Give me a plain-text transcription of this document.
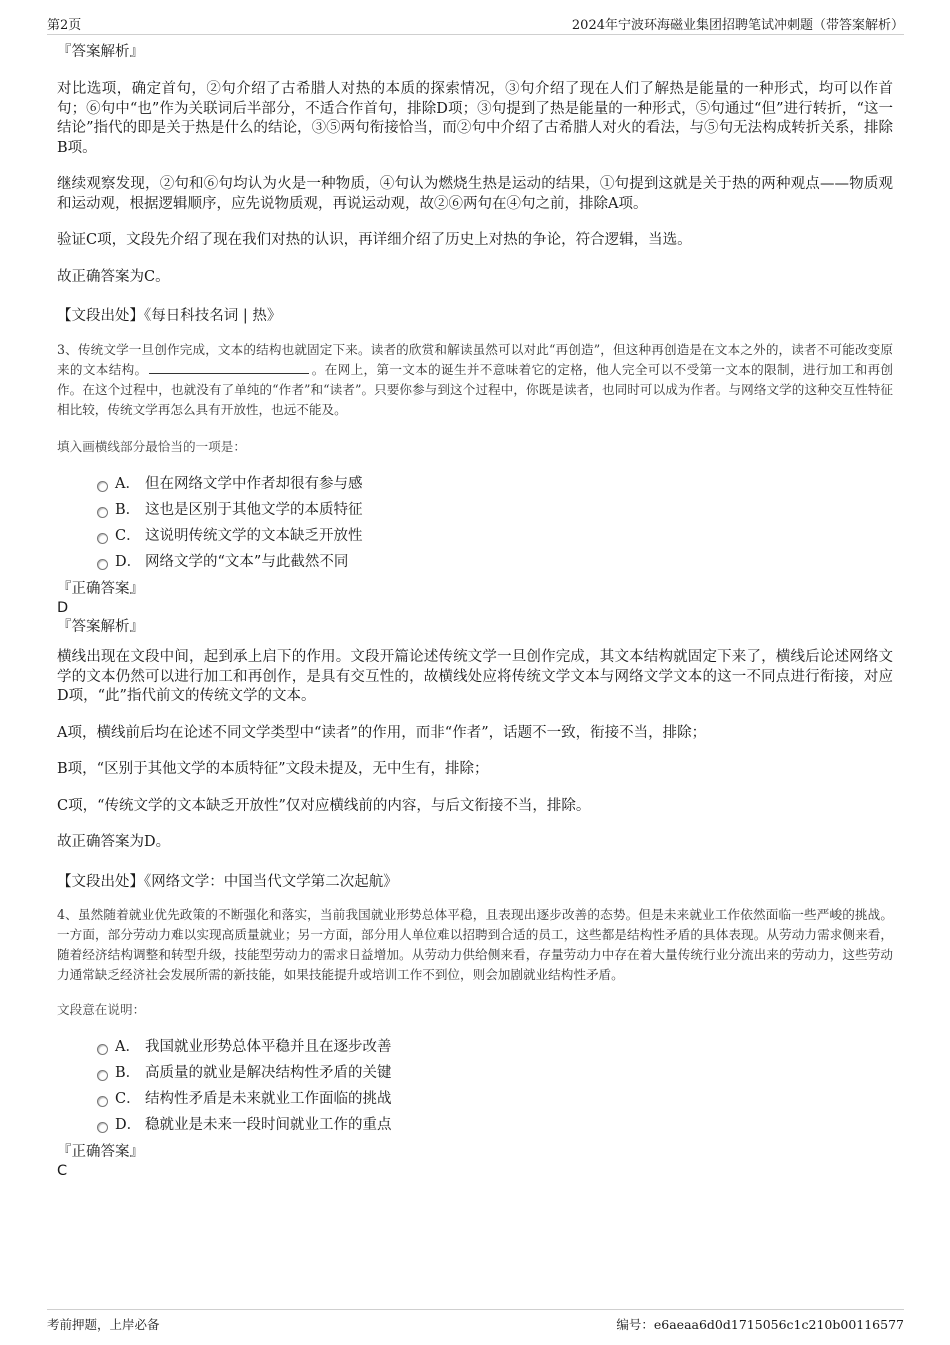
第2页	2024年宁波环海磁业集团招聘笔试冲刺题（带答案解析）
『答案解析』

对比选项，确定首句，②句介绍了古希腊人对热的本质的探索情况，③句介绍了现在人们了解热是能量的一种形式，均可以作首句；⑥句中“也”作为关联词后半部分，不适合作首句，排除D项；③句提到了热是能量的一种形式，⑤句通过“但”进行转折，“这一结论”指代的即是关于热是什么的结论，③⑤两句衔接恰当，而②句中介绍了古希腊人对火的看法，与⑤句无法构成转折关系，排除B项。

继续观察发现，②句和⑥句均认为火是一种物质，④句认为燃烧生热是运动的结果，①句提到这就是关于热的两种观点——物质观和运动观，根据逻辑顺序，应先说物质观，再说运动观，故②⑥两句在④句之前，排除A项。

验证C项，文段先介绍了现在我们对热的认识，再详细介绍了历史上对热的争论，符合逻辑，当选。

故正确答案为C。

【文段出处】《每日科技名词 | 热》

3、传统文学一旦创作完成，文本的结构也就固定下来。读者的欣赏和解读虽然可以对此“再创造”，但这种再创造是在文本之外的，读者不可能改变原来的文本结构。	。在网上，第一文本的诞生并不意味着它的定格，他人完全可以不受第一文本的限制，进行加工和再创作。在这个过程中，也就没有了单纯的“作者”和“读者”。只要你参与到这个过程中，你既是读者，也同时可以成为作者。与网络文学的这种交互性特征相比较，传统文学再怎么具有开放性，也远不能及。

填入画横线部分最恰当的一项是：

A． 但在网络文学中作者却很有参与感
B． 这也是区别于其他文学的本质特征
C． 这说明传统文学的文本缺乏开放性
D． 网络文学的“文本”与此截然不同
『正确答案』
D
『答案解析』

横线出现在文段中间，起到承上启下的作用。文段开篇论述传统文学一旦创作完成，其文本结构就固定下来了，横线后论述网络文学的文本仍然可以进行加工和再创作，是具有交互性的，故横线处应将传统文学文本与网络文学文本的这一不同点进行衔接，对应D项，“此”指代前文的传统文学的文本。

A项，横线前后均在论述不同文学类型中“读者”的作用，而非“作者”，话题不一致，衔接不当，排除；

B项，“区别于其他文学的本质特征”文段未提及，无中生有，排除；

C项，“传统文学的文本缺乏开放性”仅对应横线前的内容，与后文衔接不当，排除。

故正确答案为D。

【文段出处】《网络文学：中国当代文学第二次起航》

4、虽然随着就业优先政策的不断强化和落实，当前我国就业形势总体平稳，且表现出逐步改善的态势。但是未来就业工作依然面临一些严峻的挑战。一方面，部分劳动力难以实现高质量就业；另一方面，部分用人单位难以招聘到合适的员工，这些都是结构性矛盾的具体表现。从劳动力需求侧来看，随着经济结构调整和转型升级，技能型劳动力的需求日益增加。从劳动力供给侧来看，存量劳动力中存在着大量传统行业分流出来的劳动力，这些劳动力通常缺乏经济社会发展所需的新技能，如果技能提升或培训工作不到位，则会加剧就业结构性矛盾。

文段意在说明：

A． 我国就业形势总体平稳并且在逐步改善
B． 高质量的就业是解决结构性矛盾的关键
C． 结构性矛盾是未来就业工作面临的挑战
D． 稳就业是未来一段时间就业工作的重点
『正确答案』
C
考前押题，上岸必备	编号：e6aeaa6d0d1715056c1c210b00116577
